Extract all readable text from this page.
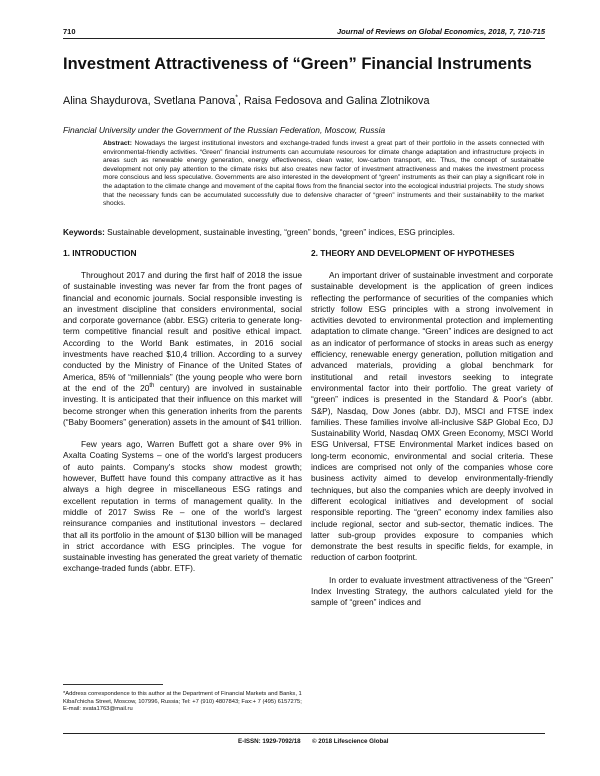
710	Journal of Reviews on Global Economics, 2018, 7, 710-715
Investment Attractiveness of “Green” Financial Instruments
Alina Shaydurova, Svetlana Panova*, Raisa Fedosova and Galina Zlotnikova
Financial University under the Government of the Russian Federation, Moscow, Russia
Abstract: Nowadays the largest institutional investors and exchange-traded funds invest a great part of their portfolio in the assets connected with environmental-friendly activities. “Green” financial instruments can accumulate resources for climate change adaptation and infrastructure projects in areas such as renewable energy generation, energy effectiveness, clean water, low-carbon transport, etc. Thus, the concept of sustainable development not only pay attention to the climate risks but also creates new factor of investment attractiveness and makes the investment process more conscious and less speculative. Governments are also interested in the development of “green” instruments as their can play a significant role in the adaptation to the climate change and movement of the capital flows from the financial sector into the ecological industrial projects. The study shows that the necessary funds can be accumulated successfully due to defensive character of “green” instruments and their sustainability to the market shocks.
Keywords: Sustainable development, sustainable investing, “green” bonds, “green” indices, ESG principles.
1. INTRODUCTION	2. THEORY AND DEVELOPMENT OF HYPOTHESES

Throughout 2017 and during the first half of 2018 the issue of sustainable investing was never far from the front pages of financial and economic journals. Social responsible investing is an investment discipline that considers environmental, social and corporate governance (abbr. ESG) criteria to generate long-term competitive financial result and positive ethical impact. According to the World Bank estimates, in 2016 social investments have reached $10,4 trillion. According to a survey conducted by the Ministry of Finance of the United States of America, 85% of “millennials” (the young people who were born at the end of the 20th century) are involved in sustainable investing. It is anticipated that their influence on this market will become stronger when this generation inherits from the parents (“Baby Boomers” generation) assets in the amount of $41 trillion.

Few years ago, Warren Buffett got a share over 9% in Axalta Coating Systems – one of the world's largest producers of auto paints. Company's stocks show modest growth; however, Buffett have found this company attractive as it has always a high degree in miscellaneous ESG ratings and excellent reputation in terms of management quality. In the middle of 2017 Swiss Re – one of the world's largest reinsurance companies and institutional investors – declared that all its portfolio in the amount of $130 billion will be managed in strict accordance with ESG principles. The vogue for sustainable investing has generated the great variety of thematic exchange-traded funds (abbr. ETF).

An important driver of sustainable investment and corporate sustainable development is the application of green indices reflecting the performance of securities of the companies which strictly follow ESG principles with a strong involvement in activities devoted to environmental protection and implementing adaptation to climate change. “Green” indices are designed to act as an indicator of performance of stocks in areas such as energy efficiency, renewable energy generation, pollution mitigation and advanced materials, providing a global benchmark for institutional and retail investors seeking to integrate environmental factor into their portfolio. The great variety of “green” indices is presented in the Standard & Poor's (abbr. S&P), Nasdaq, Dow Jones (abbr. DJ), MSCI and FTSE index families. These families involve all-inclusive S&P Global Eco, DJ Sustainability World, Nasdaq OMX Green Economy, MSCI World ESG Universal, FTSE Environmental Market indices based on long-term economic, environmental and social criteria. These indices are comprised not only of the companies whose core business activity aimed to develop environmentally-friendly techniques, but also the companies which are deeply involved in different ecological initiatives and development of social responsible reporting. The “green” economy index families also include regional, sector and sub-sector, thematic indices. The latter sub-group provides exposure to companies which demonstrate the best results in specific fields, for example, in reduction of carbon footprint.

In order to evaluate investment attractiveness of the “Green” Index Investing Strategy, the authors calculated yield for the sample of “green” indices and

*Address correspondence to this author at the Department of Financial Markets and Banks, 1 Kibal'chicha Street, Moscow, 107996, Russia; Tel: +7 (910) 4807843; Fax:+ 7 (495) 6157275; E-mail: svata1763@mail.ru
E-ISSN: 1929-7092/18 © 2018 Lifescience Global
